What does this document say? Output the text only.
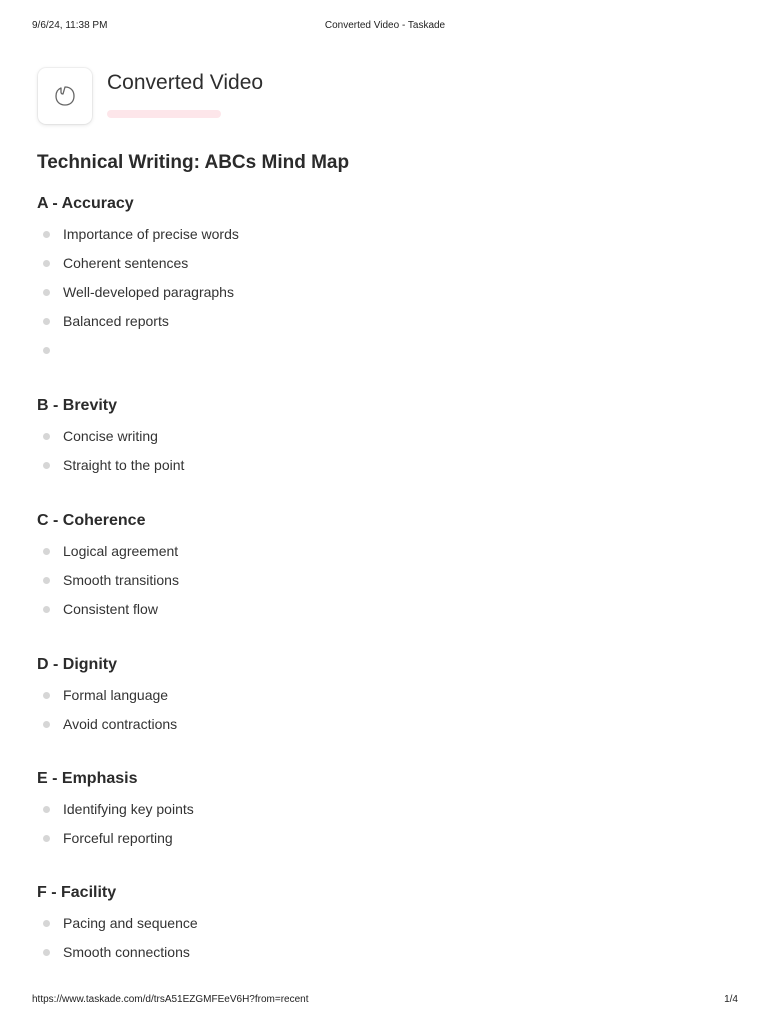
9/6/24, 11:38 PM	Converted Video - Taskade
Converted Video
Technical Writing: ABCs Mind Map
A - Accuracy
Importance of precise words
Coherent sentences
Well-developed paragraphs
Balanced reports
B - Brevity
Concise writing
Straight to the point
C - Coherence
Logical agreement
Smooth transitions
Consistent flow
D - Dignity
Formal language
Avoid contractions
E - Emphasis
Identifying key points
Forceful reporting
F - Facility
Pacing and sequence
Smooth connections
https://www.taskade.com/d/trsA51EZGMFEeV6H?from=recent	1/4
